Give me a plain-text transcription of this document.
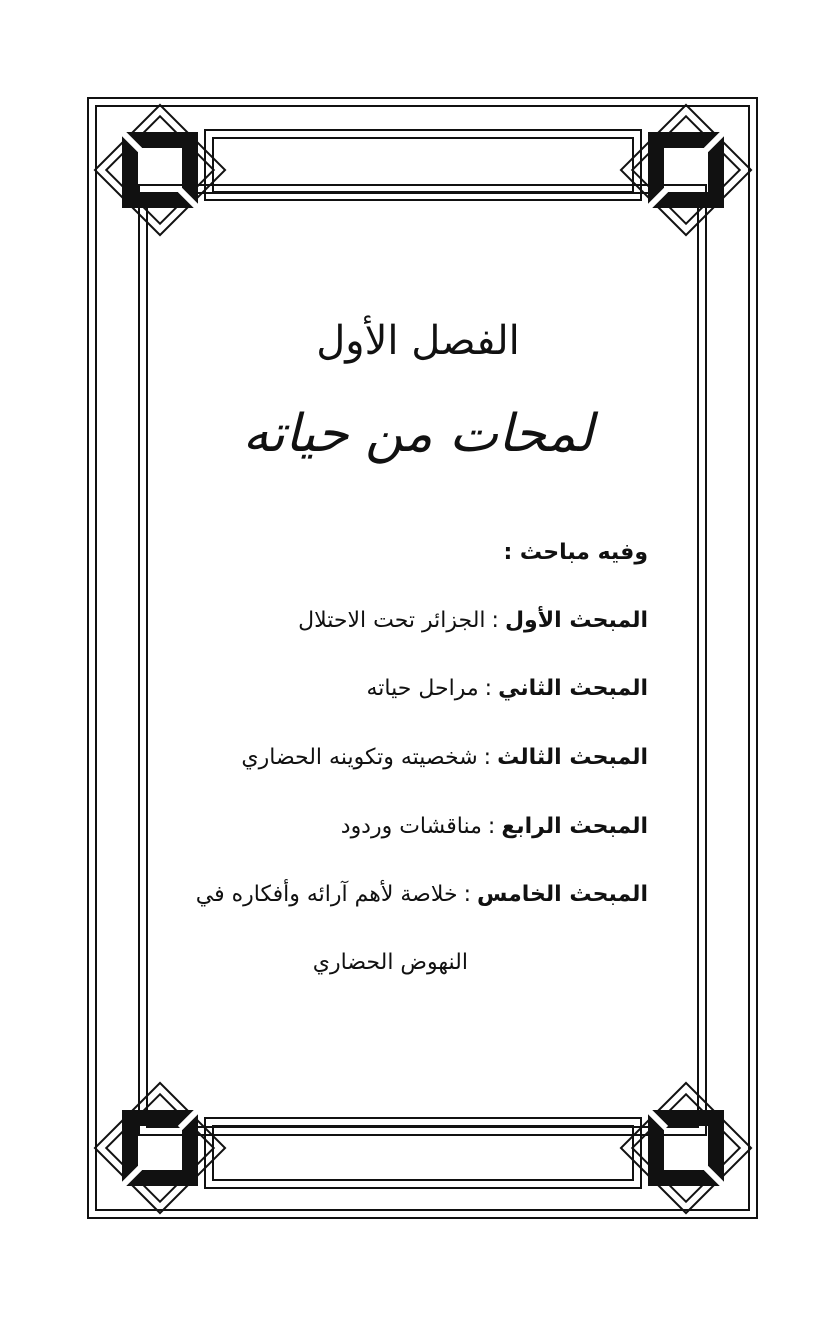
الفصل الأول
لمحات من حياته
وفيه مباحث :
المبحث الأول:الجزائر تحت الاحتلال
المبحث الثاني:مراحل حياته
المبحث الثالث:شخصيته وتكوينه الحضاري
المبحث الرابع:مناقشات وردود
المبحث الخامس:خلاصة لأهم آرائه وأفكاره في
النهوض الحضاري
